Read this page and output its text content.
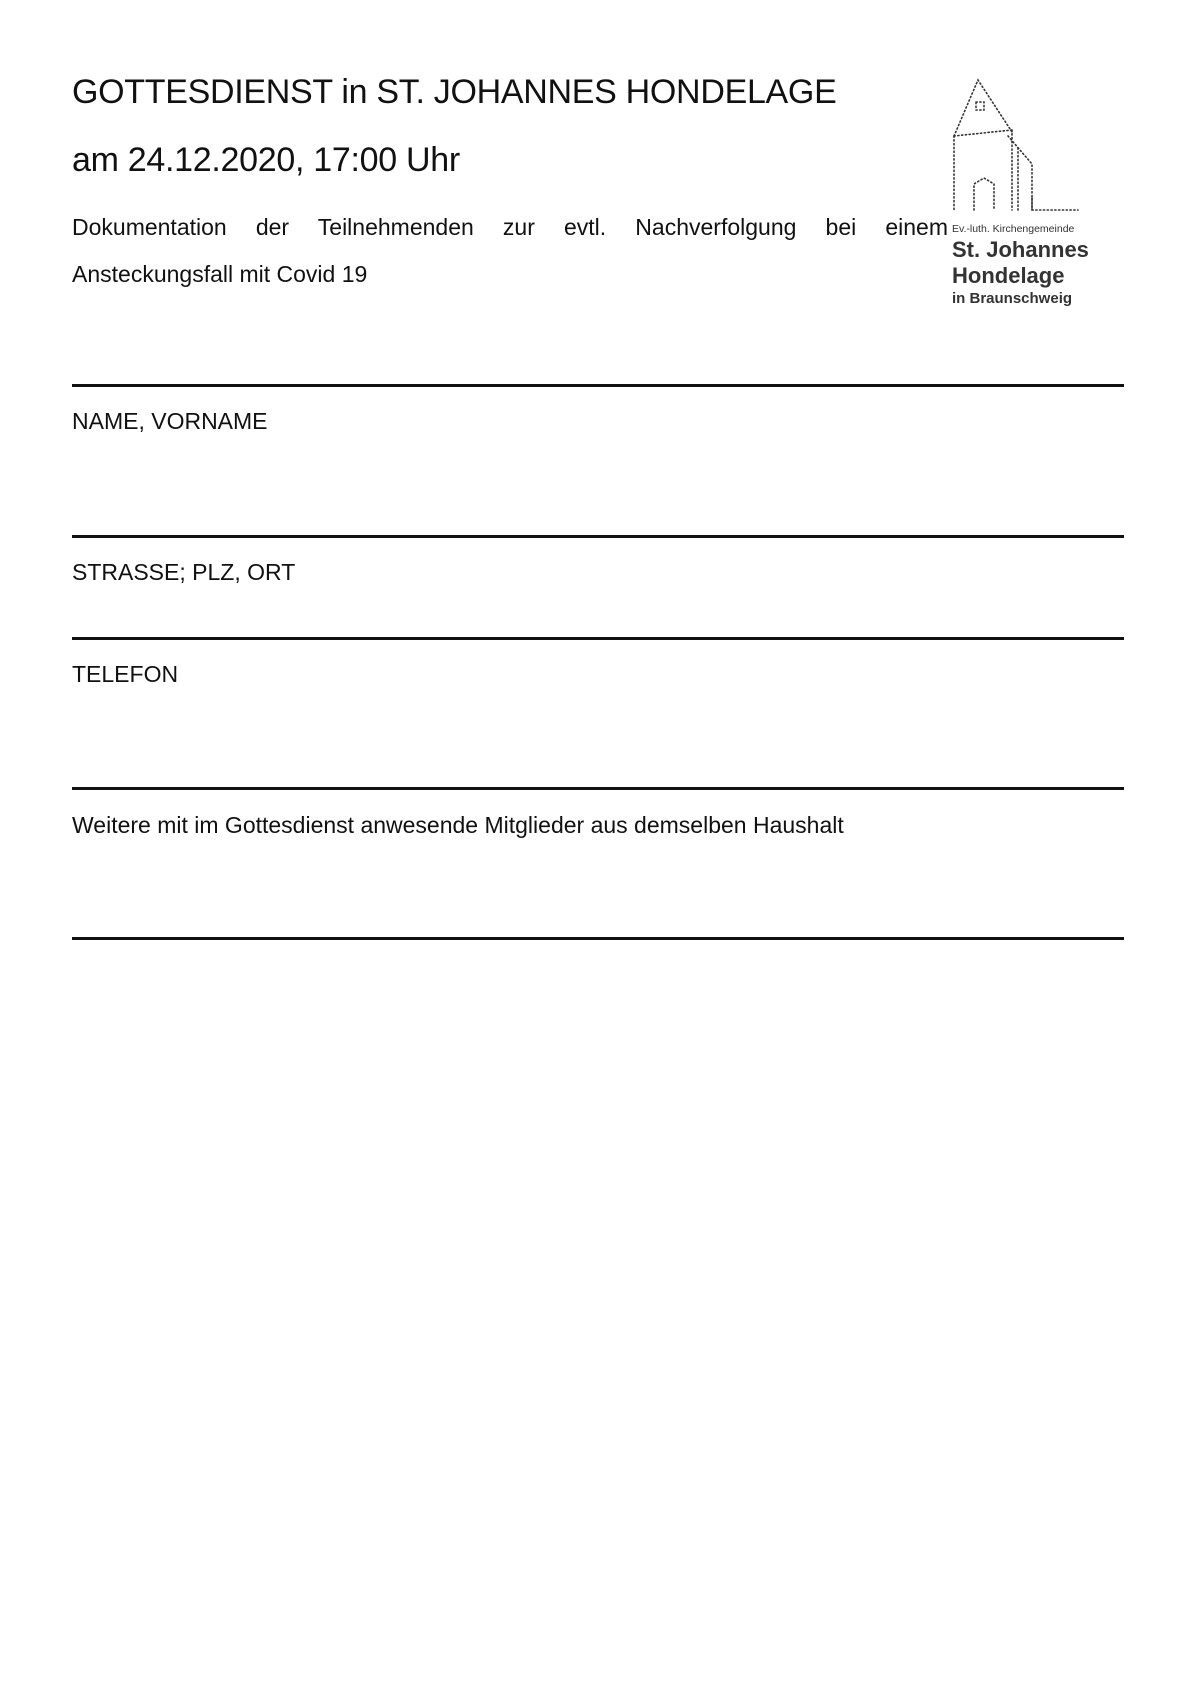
GOTTESDIENST in ST. JOHANNES HONDELAGE
am 24.12.2020, 17:00 Uhr
Dokumentation der Teilnehmenden zur evtl. Nachverfolgung bei einem Ansteckungsfall mit Covid 19
Ev.-luth. Kirchengemeinde
St. Johannes
Hondelage
in Braunschweig
NAME, VORNAME
STRASSE; PLZ, ORT
TELEFON
Weitere mit im Gottesdienst anwesende Mitglieder aus demselben Haushalt
